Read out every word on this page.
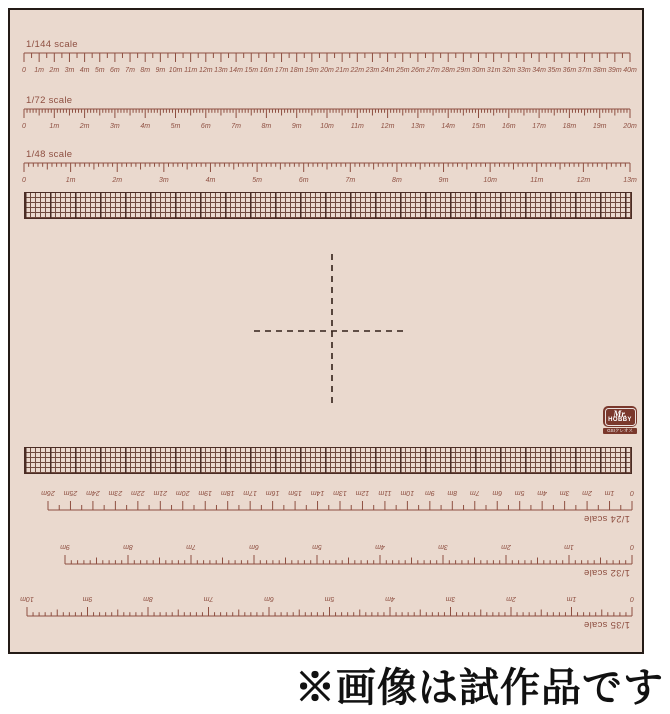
1/144 scale
0 1m 2m 3m 4m 5m 6m 7m 8m 9m 10m 11m 12m 13m 14m 15m 16m 17m 18m 19m 20m 21m 22m 23m 24m 25m 26m 27m 28m 29m 30m 31m 32m 33m 34m 35m 36m 37m 38m 39m 40m
1/72 scale
0	1m	2m	3m	4m	5m	6m	7m	8m	9m	10m 11m 12m 13m 14m 15m 16m 17m 18m 19m 20m
1/48 scale
0	1m	2m	3m	4m	5m	6m	7m	8m	9m	10m	11m	12m	13m
Mr.
HOBBY
GSIクレオス
1/24 scale
0
1m
2m
3m
4m
5m
6m
7m
8m
9m
10m
11m
12m
13m
14m
15m
16m
17m
18m
19m
20m
21m
22m
23m
24m
25m
26m
1/32 scale
0
1m
2m
3m
4m
5m
6m
7m
8m
9m
1/35 scale
0
1m
2m
3m
4m
5m
6m
7m
8m
9m
10m
※画像は試作品です
